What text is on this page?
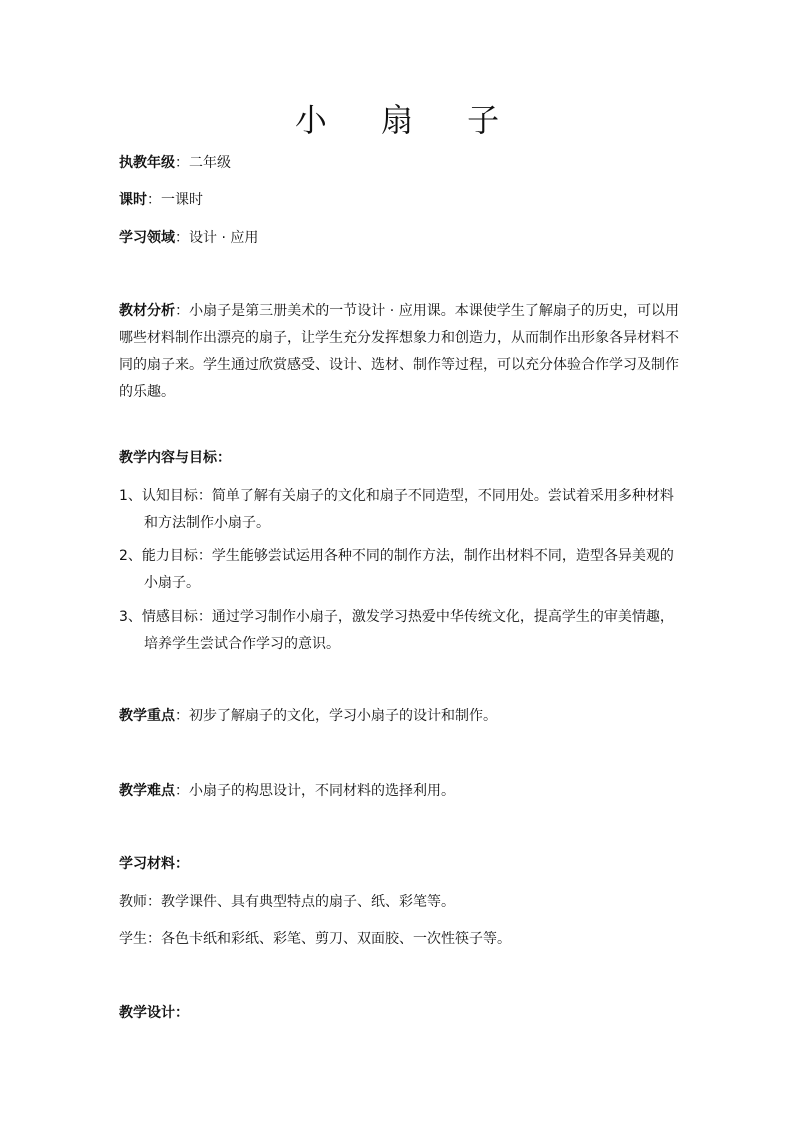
小 扇 子
执教年级：二年级
课时：一课时
学习领域：设计 · 应用
教材分析：小扇子是第三册美术的一节设计 · 应用课。本课使学生了解扇子的历史，可以用哪些材料制作出漂亮的扇子，让学生充分发挥想象力和创造力，从而制作出形象各异材料不同的扇子来。学生通过欣赏感受、设计、选材、制作等过程，可以充分体验合作学习及制作的乐趣。
教学内容与目标：
1、认知目标：简单了解有关扇子的文化和扇子不同造型，不同用处。尝试着采用多种材料和方法制作小扇子。
2、能力目标：学生能够尝试运用各种不同的制作方法，制作出材料不同，造型各异美观的小扇子。
3、情感目标：通过学习制作小扇子，激发学习热爱中华传统文化，提高学生的审美情趣，培养学生尝试合作学习的意识。
教学重点：初步了解扇子的文化，学习小扇子的设计和制作。
教学难点：小扇子的构思设计，不同材料的选择利用。
学习材料：
教师：教学课件、具有典型特点的扇子、纸、彩笔等。
学生：各色卡纸和彩纸、彩笔、剪刀、双面胶、一次性筷子等。
教学设计：
